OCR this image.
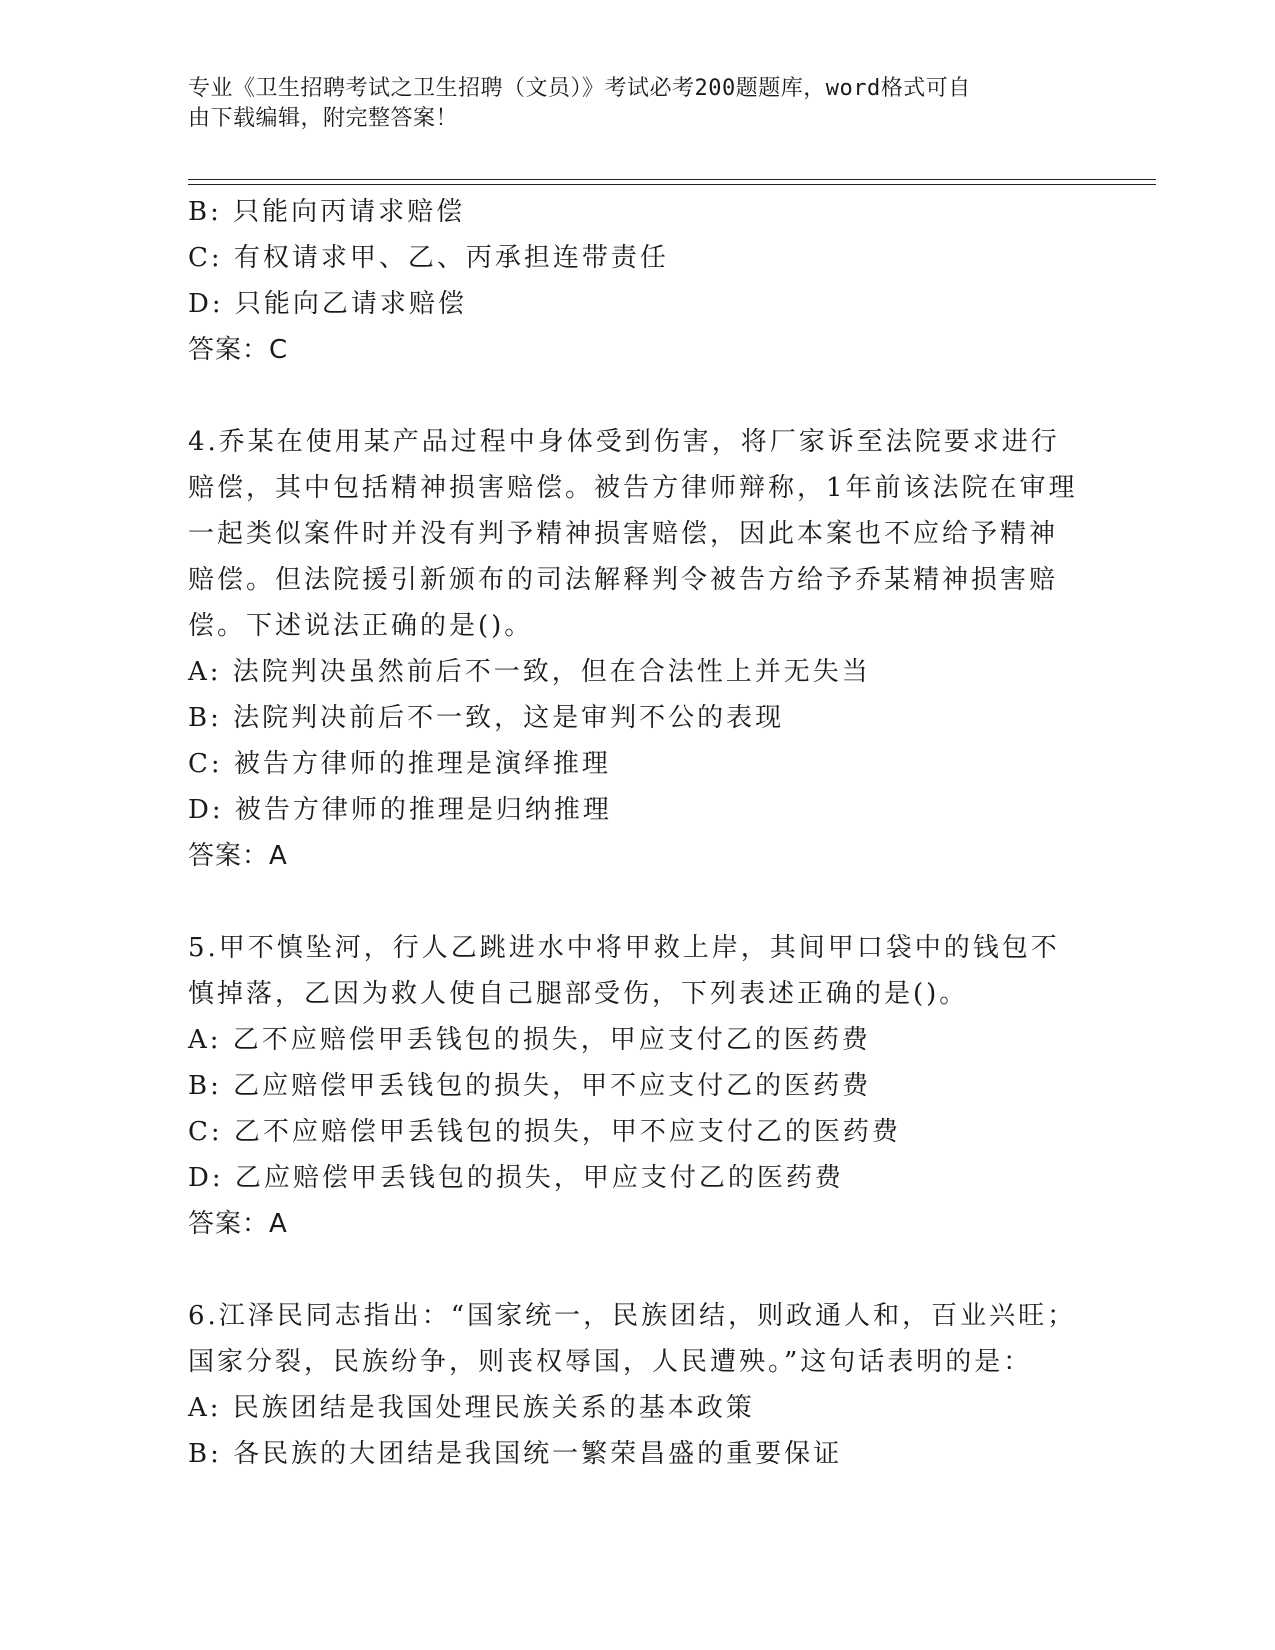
专业《卫生招聘考试之卫生招聘（文员）》考试必考200题题库，word格式可自
由下载编辑，附完整答案！
B: 只能向丙请求赔偿
C: 有权请求甲、乙、丙承担连带责任
D: 只能向乙请求赔偿
答案：C
4.乔某在使用某产品过程中身体受到伤害，将厂家诉至法院要求进行
赔偿，其中包括精神损害赔偿。被告方律师辩称，1年前该法院在审理
一起类似案件时并没有判予精神损害赔偿，因此本案也不应给予精神
赔偿。但法院援引新颁布的司法解释判令被告方给予乔某精神损害赔
偿。下述说法正确的是()。
A: 法院判决虽然前后不一致，但在合法性上并无失当
B: 法院判决前后不一致，这是审判不公的表现
C: 被告方律师的推理是演绎推理
D: 被告方律师的推理是归纳推理
答案：A
5.甲不慎坠河，行人乙跳进水中将甲救上岸，其间甲口袋中的钱包不
慎掉落，乙因为救人使自己腿部受伤，下列表述正确的是()。
A: 乙不应赔偿甲丢钱包的损失，甲应支付乙的医药费
B: 乙应赔偿甲丢钱包的损失，甲不应支付乙的医药费
C: 乙不应赔偿甲丢钱包的损失，甲不应支付乙的医药费
D: 乙应赔偿甲丢钱包的损失，甲应支付乙的医药费
答案：A
6.江泽民同志指出：“国家统一，民族团结，则政通人和，百业兴旺；
国家分裂，民族纷争，则丧权辱国，人民遭殃。”这句话表明的是：
A: 民族团结是我国处理民族关系的基本政策
B: 各民族的大团结是我国统一繁荣昌盛的重要保证
